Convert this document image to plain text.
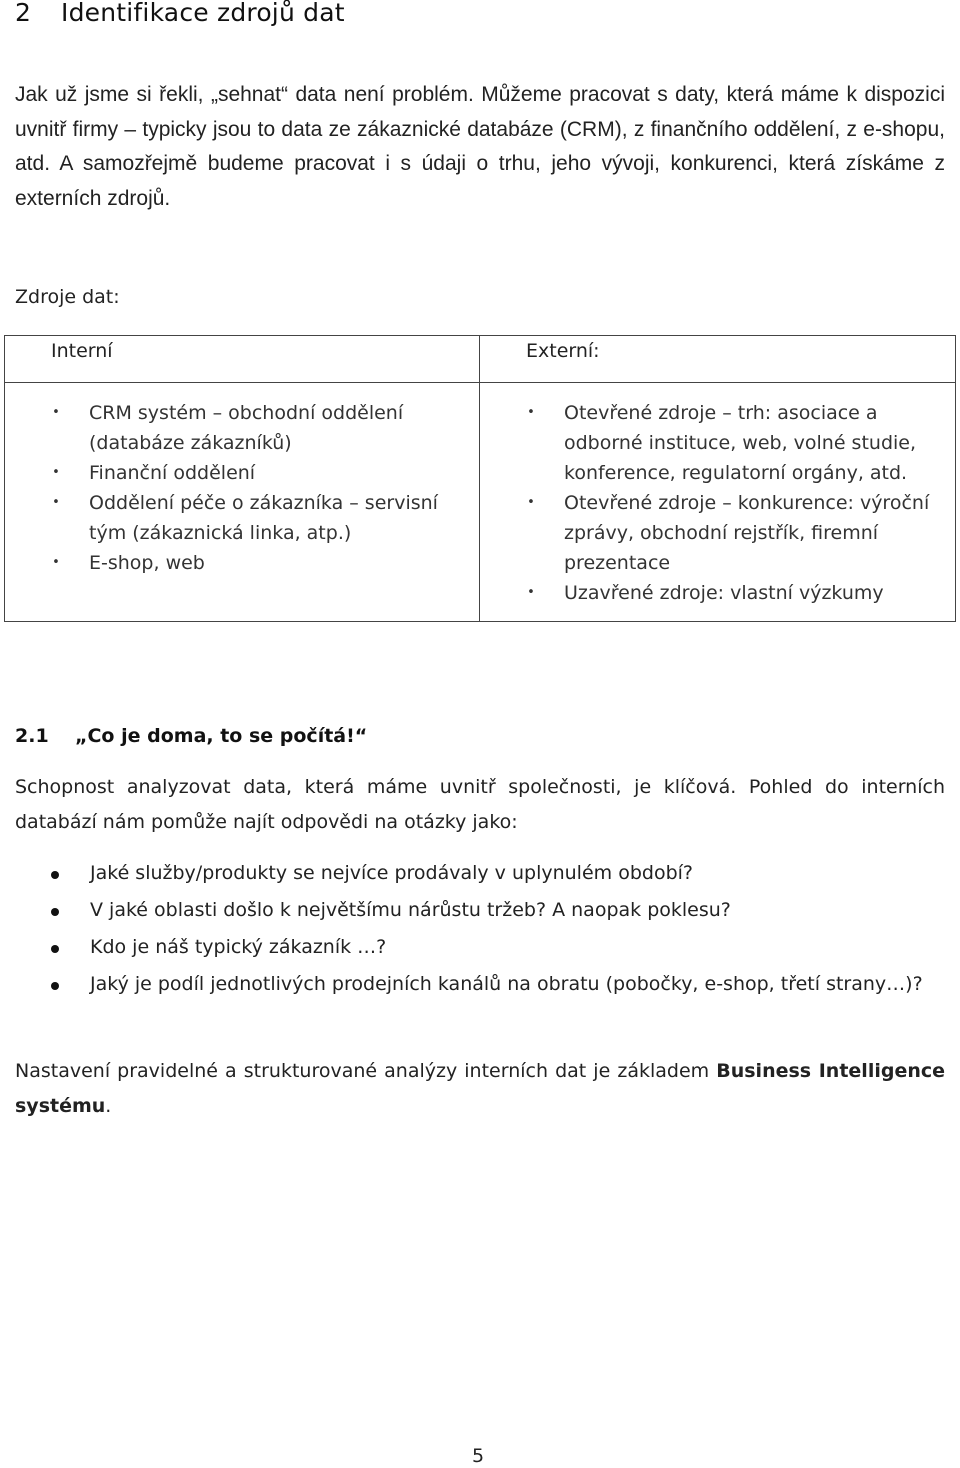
2 Identifikace zdrojů dat

Jak už jsme si řekli, „sehnat“ data není problém. Můžeme pracovat s daty, která máme k dispozici uvnitř firmy – typicky jsou to data ze zákaznické databáze (CRM), z finančního oddělení, z e-shopu, atd. A samozřejmě budeme pracovat i s údaji o trhu, jeho vývoji, konkurenci, která získáme z externích zdrojů.

Zdroje dat:

Interní	Externí:

• CRM systém – obchodní oddělení (databáze zákazníků)
• Finanční oddělení
• Oddělení péče o zákazníka – servisní tým (zákaznická linka, atp.)
• E-shop, web
• Otevřené zdroje – trh: asociace a odborné instituce, web, volné studie, konference, regulatorní orgány, atd.
• Otevřené zdroje – konkurence: výroční zprávy, obchodní rejstřík, firemní prezentace
• Uzavřené zdroje: vlastní výzkumy
2.1 „Co je doma, to se počítá!“

Schopnost analyzovat data, která máme uvnitř společnosti, je klíčová. Pohled do interních databází nám pomůže najít odpovědi na otázky jako:

Jaké služby/produkty se nejvíce prodávaly v uplynulém období?
V jaké oblasti došlo k největšímu nárůstu tržeb? A naopak poklesu?
Kdo je náš typický zákazník …?
Jaký je podíl jednotlivých prodejních kanálů na obratu (pobočky, e-shop, třetí strany…)?

Nastavení pravidelné a strukturované analýzy interních dat je základem Business Intelligence systému.

5
